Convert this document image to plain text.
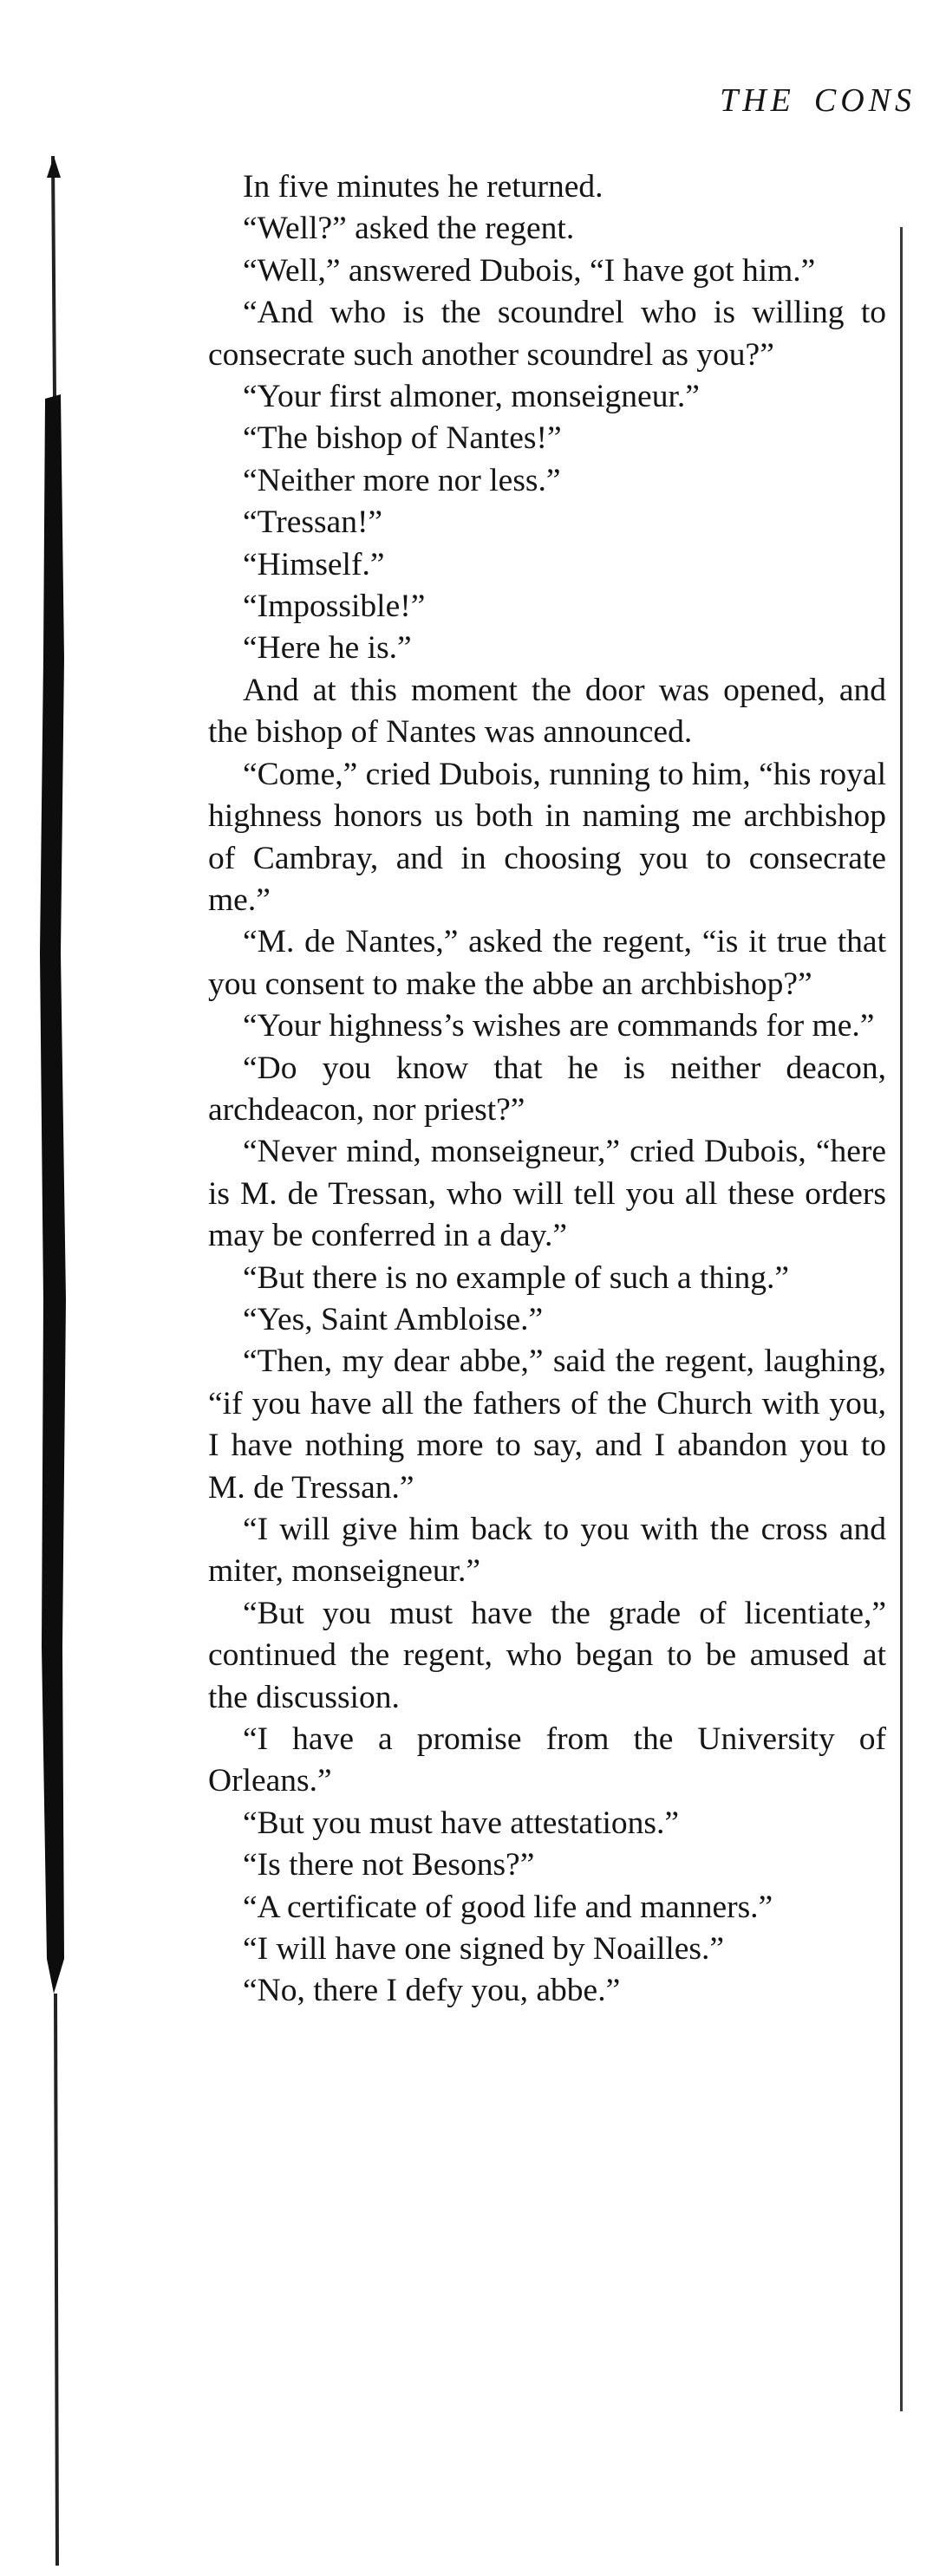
THE CONS

In five minutes he returned.

“Well?” asked the regent.

“Well,” answered Dubois, “I have got him.”

“And who is the scoundrel who is willing to consecrate such another scoundrel as you?”

“Your first almoner, monseigneur.”

“The bishop of Nantes!”

“Neither more nor less.”

“Tressan!”

“Himself.”

“Impossible!”

“Here he is.”

And at this moment the door was opened, and the bishop of Nantes was announced.

“Come,” cried Dubois, running to him, “his royal highness honors us both in naming me archbishop of Cambray, and in choosing you to consecrate me.”

“M. de Nantes,” asked the regent, “is it true that you consent to make the abbe an archbishop?”

“Your highness’s wishes are commands for me.”

“Do you know that he is neither deacon, archdeacon, nor priest?”

“Never mind, monseigneur,” cried Dubois, “here is M. de Tressan, who will tell you all these orders may be conferred in a day.”

“But there is no example of such a thing.”

“Yes, Saint Ambloise.”

“Then, my dear abbe,” said the regent, laughing, “if you have all the fathers of the Church with you, I have nothing more to say, and I abandon you to M. de Tressan.”

“I will give him back to you with the cross and miter, monseigneur.”

“But you must have the grade of licentiate,” continued the regent, who began to be amused at the discussion.

“I have a promise from the University of Orleans.”

“But you must have attestations.”

“Is there not Besons?”

“A certificate of good life and manners.”

“I will have one signed by Noailles.”

“No, there I defy you, abbe.”
